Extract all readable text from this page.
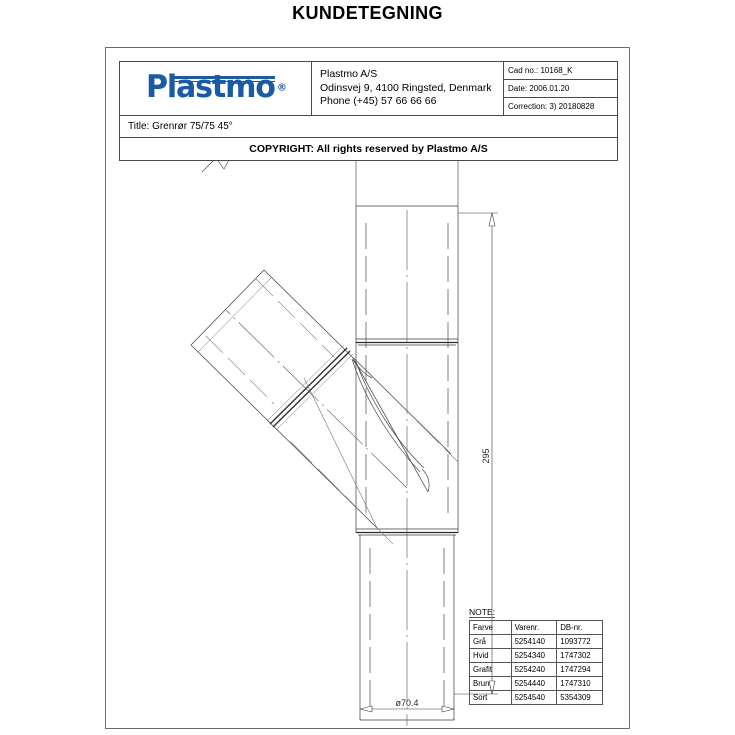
KUNDETEGNING
ø70.4
295
Plastmo ®
Plastmo A/S
Odinsvej 9, 4100 Ringsted, Denmark
Phone (+45) 57 66 66 66
Cad no.: 10168_K
Date: 2006.01.20
Correction: 3) 20180828
Title: Grenrør 75/75 45°
COPYRIGHT: All rights reserved by Plastmo A/S
NOTE:
Farve	Varenr.	DB-nr.
Grå	5254140	1093772
Hvid	5254340	1747302
Grafit	5254240	1747294
Brun	5254440	1747310
Sort	5254540	5354309
